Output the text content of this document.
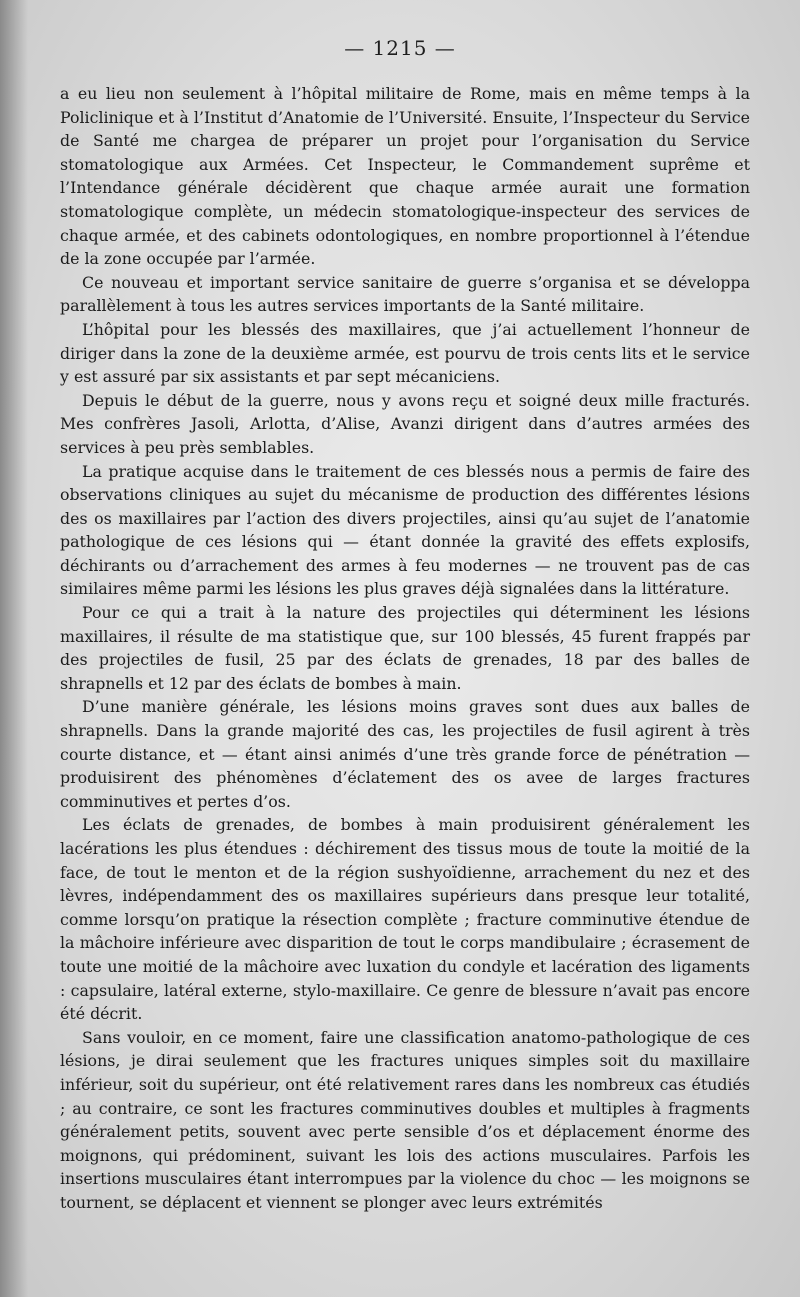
— 1215 —

a eu lieu non seulement à l’hôpital militaire de Rome, mais en même temps à la Policlinique et à l’Institut d’Anatomie de l’Université. Ensuite, l’Inspecteur du Service de Santé me chargea de préparer un projet pour l’organisation du Service stomatologique aux Armées. Cet Inspecteur, le Commandement suprême et l’Intendance générale décidèrent que chaque armée aurait une formation stomatologique complète, un médecin stomatologique-inspecteur des services de chaque armée, et des cabinets odontologiques, en nombre proportionnel à l’étendue de la zone occupée par l’armée.

Ce nouveau et important service sanitaire de guerre s’organisa et se développa parallèlement à tous les autres services importants de la Santé militaire.

L’hôpital pour les blessés des maxillaires, que j’ai actuellement l’honneur de diriger dans la zone de la deuxième armée, est pourvu de trois cents lits et le service y est assuré par six assistants et par sept mécaniciens.

Depuis le début de la guerre, nous y avons reçu et soigné deux mille fracturés. Mes confrères Jasoli, Arlotta, d’Alise, Avanzi dirigent dans d’autres armées des services à peu près semblables.

La pratique acquise dans le traitement de ces blessés nous a permis de faire des observations cliniques au sujet du mécanisme de production des différentes lésions des os maxillaires par l’action des divers projectiles, ainsi qu’au sujet de l’anatomie pathologique de ces lésions qui — étant donnée la gravité des effets explosifs, déchirants ou d’arrachement des armes à feu modernes — ne trouvent pas de cas similaires même parmi les lésions les plus graves déjà signalées dans la littérature.

Pour ce qui a trait à la nature des projectiles qui déterminent les lésions maxillaires, il résulte de ma statistique que, sur 100 blessés, 45 furent frappés par des projectiles de fusil, 25 par des éclats de grenades, 18 par des balles de shrapnells et 12 par des éclats de bombes à main.

D’une manière générale, les lésions moins graves sont dues aux balles de shrapnells. Dans la grande majorité des cas, les projectiles de fusil agirent à très courte distance, et — étant ainsi animés d’une très grande force de pénétration — produisirent des phénomènes d’éclatement des os avee de larges fractures comminutives et pertes d’os.

Les éclats de grenades, de bombes à main produisirent généralement les lacérations les plus étendues : déchirement des tissus mous de toute la moitié de la face, de tout le menton et de la région sushyoïdienne, arrachement du nez et des lèvres, indépendamment des os maxillaires supérieurs dans presque leur totalité, comme lorsqu’on pratique la résection complète ; fracture comminutive étendue de la mâchoire inférieure avec disparition de tout le corps mandibulaire ; écrasement de toute une moitié de la mâchoire avec luxation du condyle et lacération des ligaments : capsulaire, latéral externe, stylo-maxillaire. Ce genre de blessure n’avait pas encore été décrit.

Sans vouloir, en ce moment, faire une classification anatomo-pathologique de ces lésions, je dirai seulement que les fractures uniques simples soit du maxillaire inférieur, soit du supérieur, ont été relativement rares dans les nombreux cas étudiés ; au contraire, ce sont les fractures comminutives doubles et multiples à fragments généralement petits, souvent avec perte sensible d’os et déplacement énorme des moignons, qui prédominent, suivant les lois des actions musculaires. Parfois les insertions musculaires étant interrompues par la violence du choc — les moignons se tournent, se déplacent et viennent se plonger avec leurs extrémités
